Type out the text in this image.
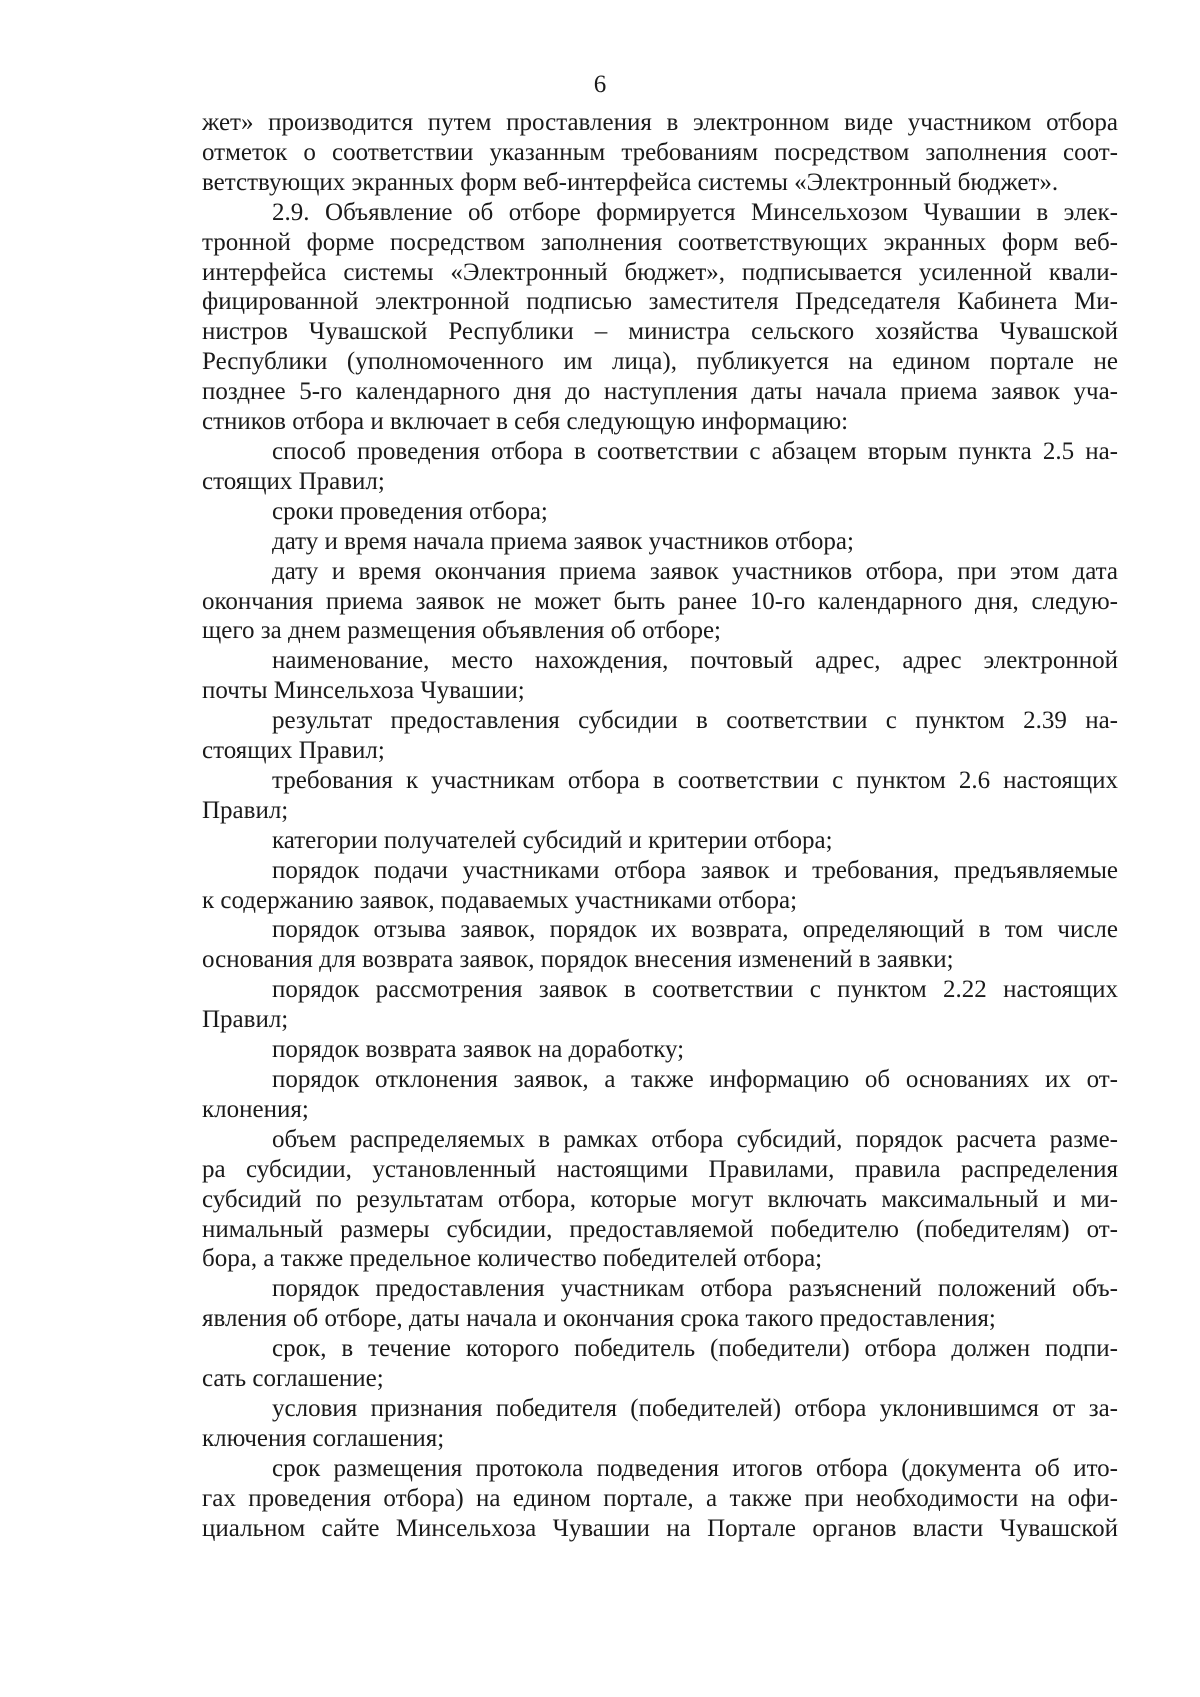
6
жет» производится путем проставления в электронном виде участником отбора
отметок о соответствии указанным требованиям посредством заполнения соот-
ветствующих экранных форм веб-интерфейса системы «Электронный бюджет».
2.9. Объявление об отборе формируется Минсельхозом Чувашии в элек-
тронной форме посредством заполнения соответствующих экранных форм веб-
интерфейса системы «Электронный бюджет», подписывается усиленной квали-
фицированной электронной подписью заместителя Председателя Кабинета Ми-
нистров Чувашской Республики – министра сельского хозяйства Чувашской
Республики (уполномоченного им лица), публикуется на едином портале не
позднее 5-го календарного дня до наступления даты начала приема заявок уча-
стников отбора и включает в себя следующую информацию:
способ проведения отбора в соответствии с абзацем вторым пункта 2.5 на-
стоящих Правил;
сроки проведения отбора;
дату и время начала приема заявок участников отбора;
дату и время окончания приема заявок участников отбора, при этом дата
окончания приема заявок не может быть ранее 10-го календарного дня, следую-
щего за днем размещения объявления об отборе;
наименование, место нахождения, почтовый адрес, адрес электронной
почты Минсельхоза Чувашии;
результат предоставления субсидии в соответствии с пунктом 2.39 на-
стоящих Правил;
требования к участникам отбора в соответствии с пунктом 2.6 настоящих
Правил;
категории получателей субсидий и критерии отбора;
порядок подачи участниками отбора заявок и требования, предъявляемые
к содержанию заявок, подаваемых участниками отбора;
порядок отзыва заявок, порядок их возврата, определяющий в том числе
основания для возврата заявок, порядок внесения изменений в заявки;
порядок рассмотрения заявок в соответствии с пунктом 2.22 настоящих
Правил;
порядок возврата заявок на доработку;
порядок отклонения заявок, а также информацию об основаниях их от-
клонения;
объем распределяемых в рамках отбора субсидий, порядок расчета разме-
ра субсидии, установленный настоящими Правилами, правила распределения
субсидий по результатам отбора, которые могут включать максимальный и ми-
нимальный размеры субсидии, предоставляемой победителю (победителям) от-
бора, а также предельное количество победителей отбора;
порядок предоставления участникам отбора разъяснений положений объ-
явления об отборе, даты начала и окончания срока такого предоставления;
срок, в течение которого победитель (победители) отбора должен подпи-
сать соглашение;
условия признания победителя (победителей) отбора уклонившимся от за-
ключения соглашения;
срок размещения протокола подведения итогов отбора (документа об ито-
гах проведения отбора) на едином портале, а также при необходимости на офи-
циальном сайте Минсельхоза Чувашии на Портале органов власти Чувашской
